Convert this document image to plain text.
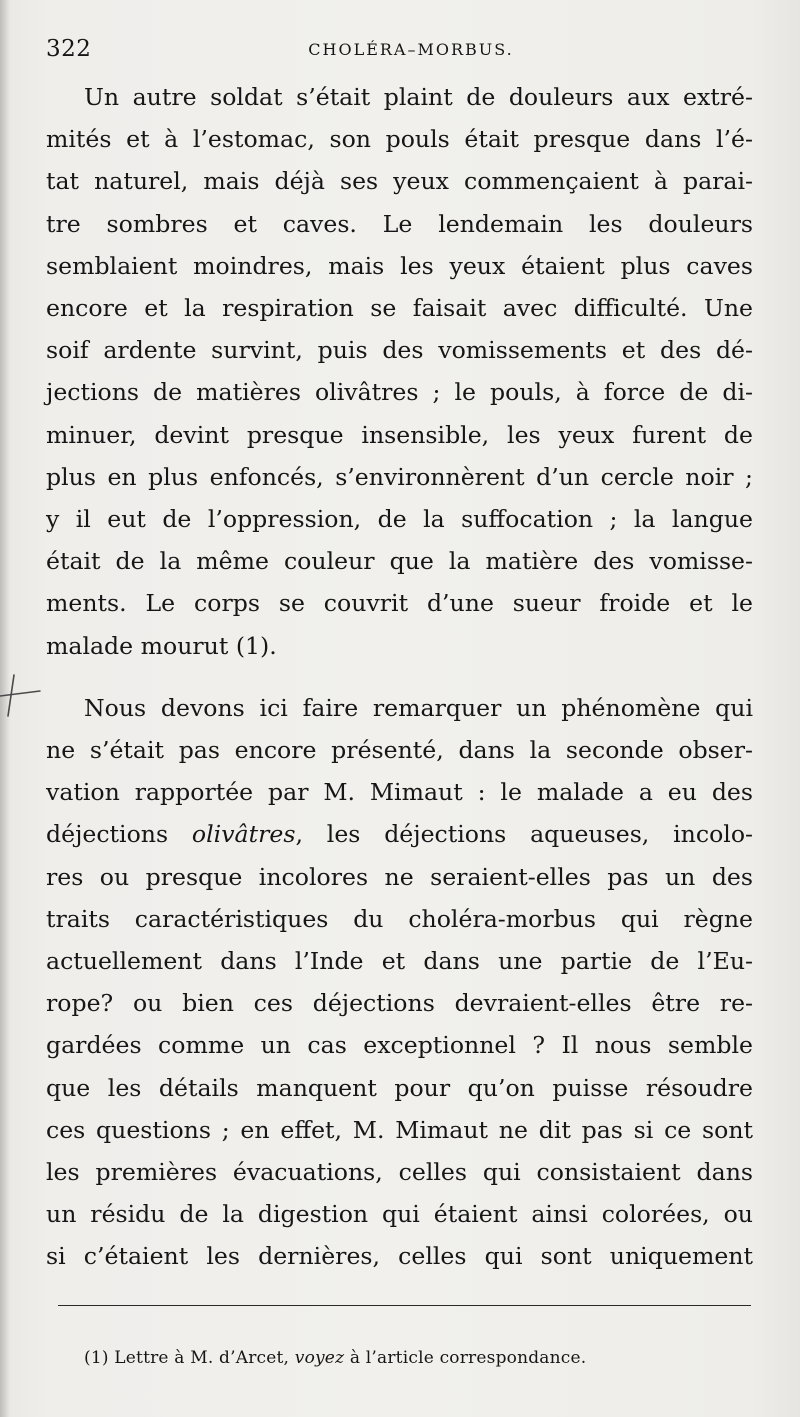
322	CHOLÉRA–MORBUS.

Un autre soldat s’était plaint de douleurs aux extré-
mités et à l’estomac, son pouls était presque dans l’é-
tat naturel, mais déjà ses yeux commençaient à parai-
tre sombres et caves. Le lendemain les douleurs
semblaient moindres, mais les yeux étaient plus caves
encore et la respiration se faisait avec difficulté. Une
soif ardente survint, puis des vomissements et des dé-
jections de matières olivâtres ; le pouls, à force de di-
minuer, devint presque insensible, les yeux furent de
plus en plus enfoncés, s’environnèrent d’un cercle noir ;
y il eut de l’oppression, de la suffocation ; la langue
était de la même couleur que la matière des vomisse-
ments. Le corps se couvrit d’une sueur froide et le
malade mourut (1).

Nous devons ici faire remarquer un phénomène qui
ne s’était pas encore présenté, dans la seconde obser-
vation rapportée par M. Mimaut : le malade a eu des
déjections olivâtres, les déjections aqueuses, incolo-
res ou presque incolores ne seraient-elles pas un des
traits caractéristiques du choléra-morbus qui règne
actuellement dans l’Inde et dans une partie de l’Eu-
rope? ou bien ces déjections devraient-elles être re-
gardées comme un cas exceptionnel ? Il nous semble
que les détails manquent pour qu’on puisse résoudre
ces questions ; en effet, M. Mimaut ne dit pas si ce sont
les premières évacuations, celles qui consistaient dans
un résidu de la digestion qui étaient ainsi colorées, ou
si c’étaient les dernières, celles qui sont uniquement

(1) Lettre à M. d’Arcet, voyez à l’article correspondance.
